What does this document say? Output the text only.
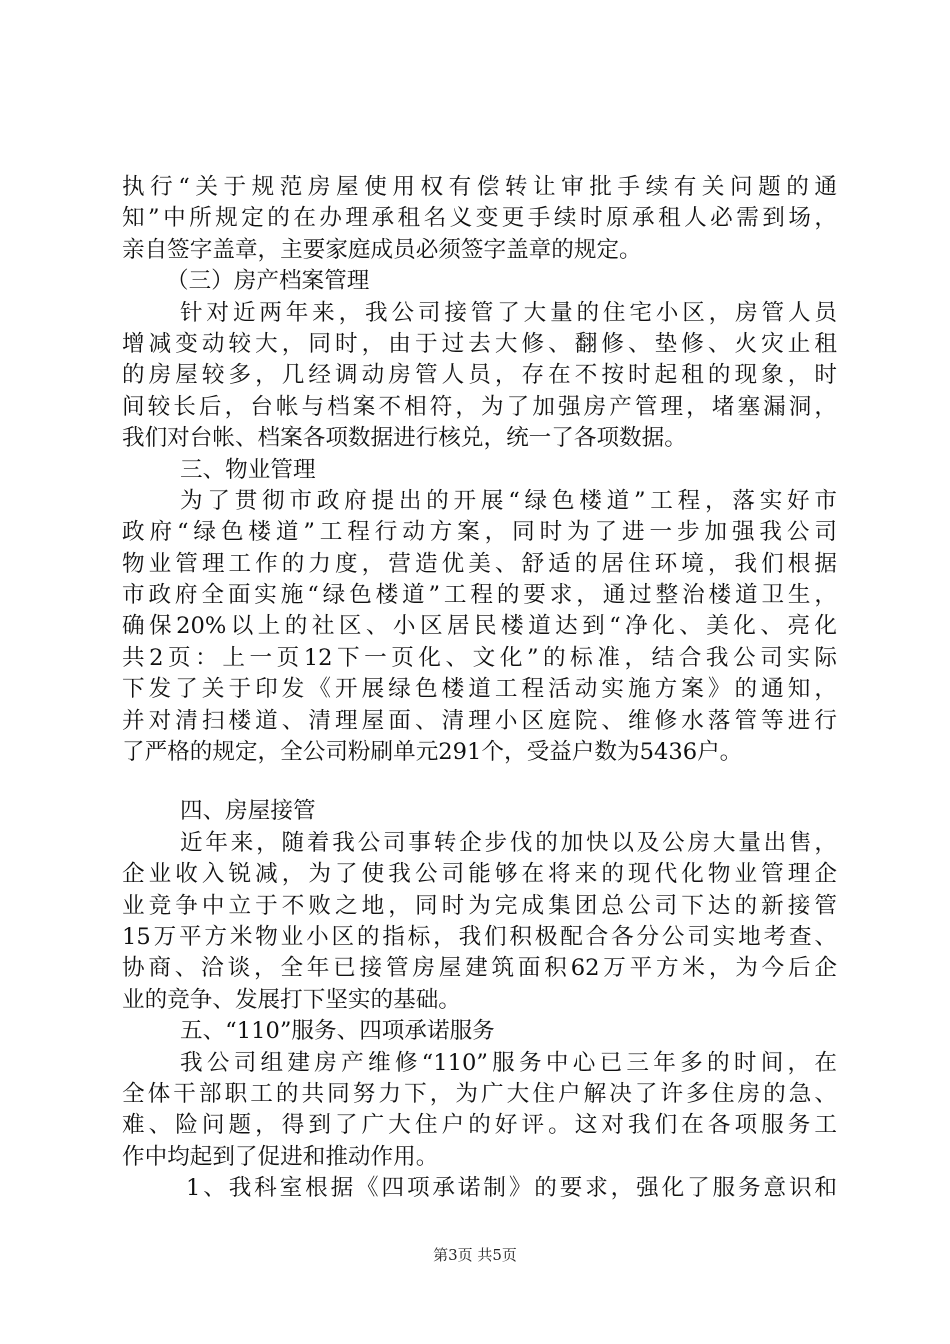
执行“关于规范房屋使用权有偿转让审批手续有关问题的通
知”中所规定的在办理承租名义变更手续时原承租人必需到场，
亲自签字盖章，主要家庭成员必须签字盖章的规定。
（三）房产档案管理
针对近两年来，我公司接管了大量的住宅小区，房管人员
增减变动较大，同时，由于过去大修、翻修、垫修、火灾止租
的房屋较多，几经调动房管人员，存在不按时起租的现象，时
间较长后，台帐与档案不相符，为了加强房产管理，堵塞漏洞，
我们对台帐、档案各项数据进行核兑，统一了各项数据。
三、物业管理
为了贯彻市政府提出的开展“绿色楼道”工程，落实好市
政府“绿色楼道”工程行动方案，同时为了进一步加强我公司
物业管理工作的力度，营造优美、舒适的居住环境，我们根据
市政府全面实施“绿色楼道”工程的要求，通过整治楼道卫生，
确保20%以上的社区、小区居民楼道达到“净化、美化、亮化
共2页：上一页12下一页化、文化”的标准，结合我公司实际
下发了关于印发《开展绿色楼道工程活动实施方案》的通知，
并对清扫楼道、清理屋面、清理小区庭院、维修水落管等进行
了严格的规定，全公司粉刷单元291个，受益户数为5436户。
四、房屋接管
近年来，随着我公司事转企步伐的加快以及公房大量出售，
企业收入锐减，为了使我公司能够在将来的现代化物业管理企
业竞争中立于不败之地，同时为完成集团总公司下达的新接管
15万平方米物业小区的指标，我们积极配合各分公司实地考查、
协商、洽谈，全年已接管房屋建筑面积62万平方米，为今后企
业的竞争、发展打下坚实的基础。
五、“110”服务、四项承诺服务
我公司组建房产维修“110”服务中心已三年多的时间，在
全体干部职工的共同努力下，为广大住户解决了许多住房的急、
难、险问题，得到了广大住户的好评。这对我们在各项服务工
作中均起到了促进和推动作用。
1、我科室根据《四项承诺制》的要求，强化了服务意识和
第3页 共5页
